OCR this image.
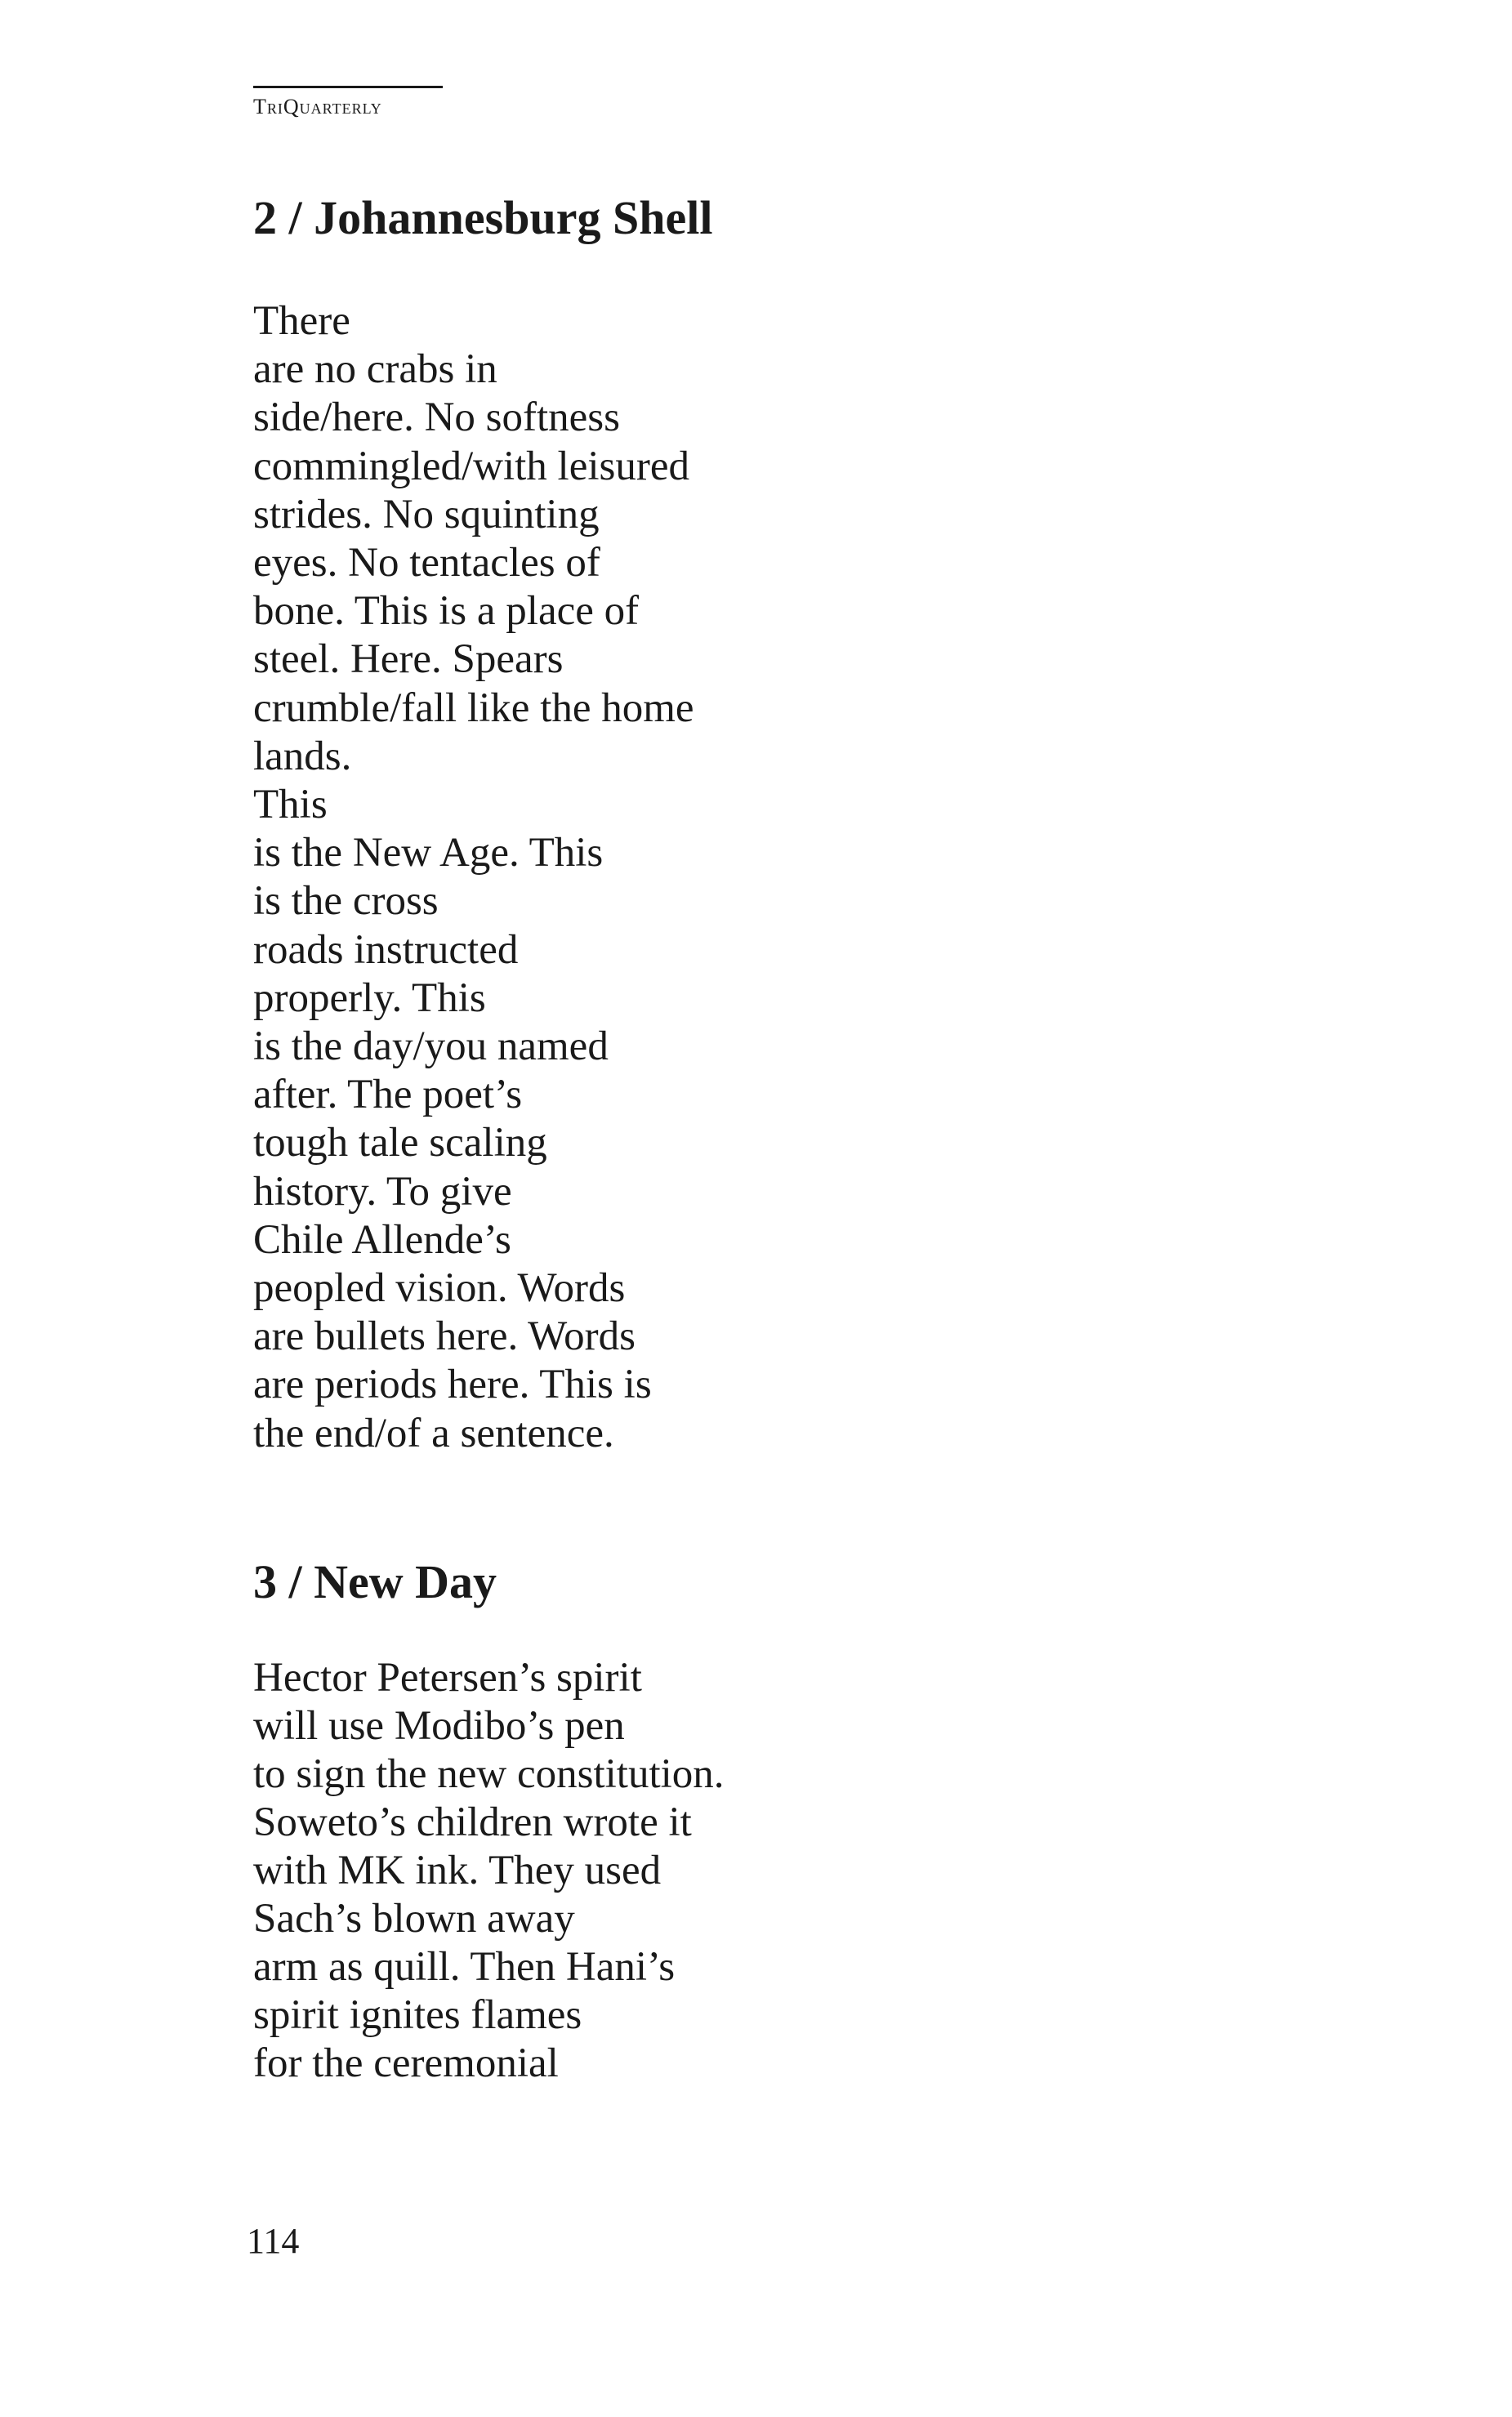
TriQuarterly
2 / Johannesburg Shell
There
are no crabs in
side/here. No softness
commingled/with leisured
strides. No squinting
eyes. No tentacles of
bone. This is a place of
steel. Here. Spears
crumble/fall like the home
lands.
This
is the New Age. This
is the cross
roads instructed
properly. This
is the day/you named
after. The poet’s
tough tale scaling
history. To give
Chile Allende’s
peopled vision. Words
are bullets here. Words
are periods here. This is
the end/of a sentence.
3 / New Day
Hector Petersen’s spirit
will use Modibo’s pen
to sign the new constitution.
Soweto’s children wrote it
with MK ink. They used
Sach’s blown away
arm as quill. Then Hani’s
spirit ignites flames
for the ceremonial
114
